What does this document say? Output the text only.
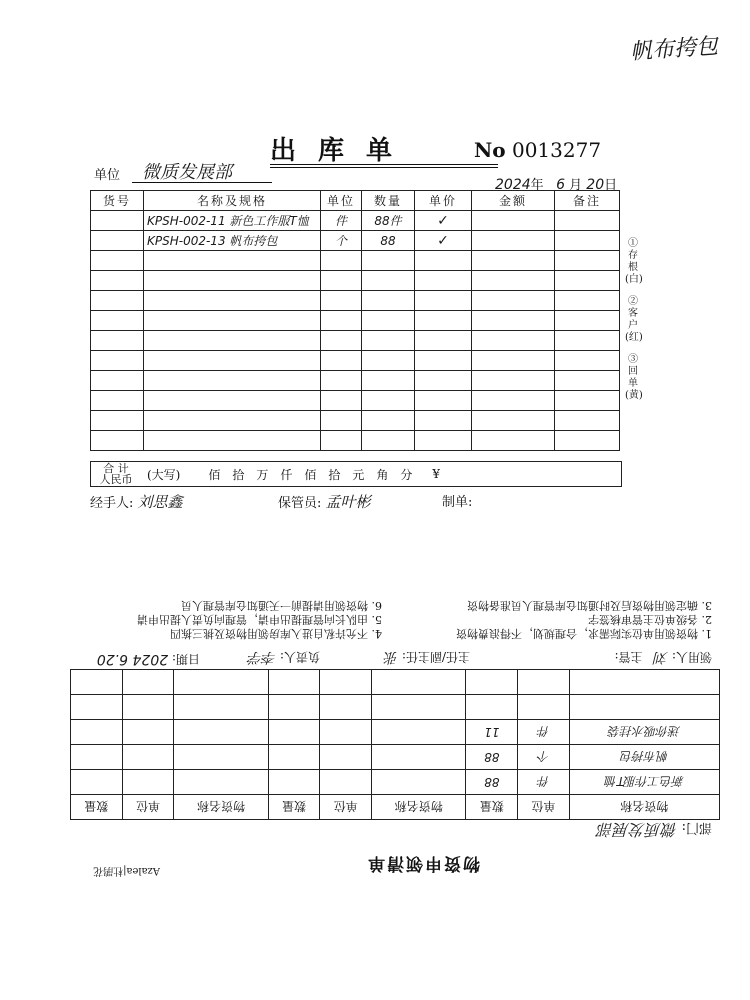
帆布挎包
出库单	No 0013277
单位 微质发展部
2024年 6 月 20日
货号	名称及规格	单位	数量	单价	金额	备注
	KPSH-002-11 新色工作服T恤	件	88件	✓		
	KPSH-002-13 帆布挎包	个	88	✓		

合 计
人民币	(大写) 佰　拾　万　仟　佰　拾　元　角　分 ¥
①存根(白)
②客户(红)
③回单(黄)
经手人: 刘思鑫	保管员: 孟叶彬	制单:
物资申领清单
Azalea|杜鹃花
部门: 微质发展部
物资名称	单位	数量	物资名称	单位	数量	物资名称	单位	数量
新色工作服T恤	件	88						
帆布挎包	个	88						
迷你吸水挂袋	件	11						

领用人: 刘   主管:
主任/副主任: 张
负责人: 李学
日期: 2024 6.20
1. 物资领用单位实际需求，合理规划，不得浪费物资
2. 各级单位主管审核签字
3. 确定领用物资后及时通知仓库管理人员准备物资
4. 不允许私自进入库房领用物资及挑三拣四
5. 由队长向管理提出申请，管理向负责人提出申请
6. 物资领用请提前一天通知仓库管理人员
